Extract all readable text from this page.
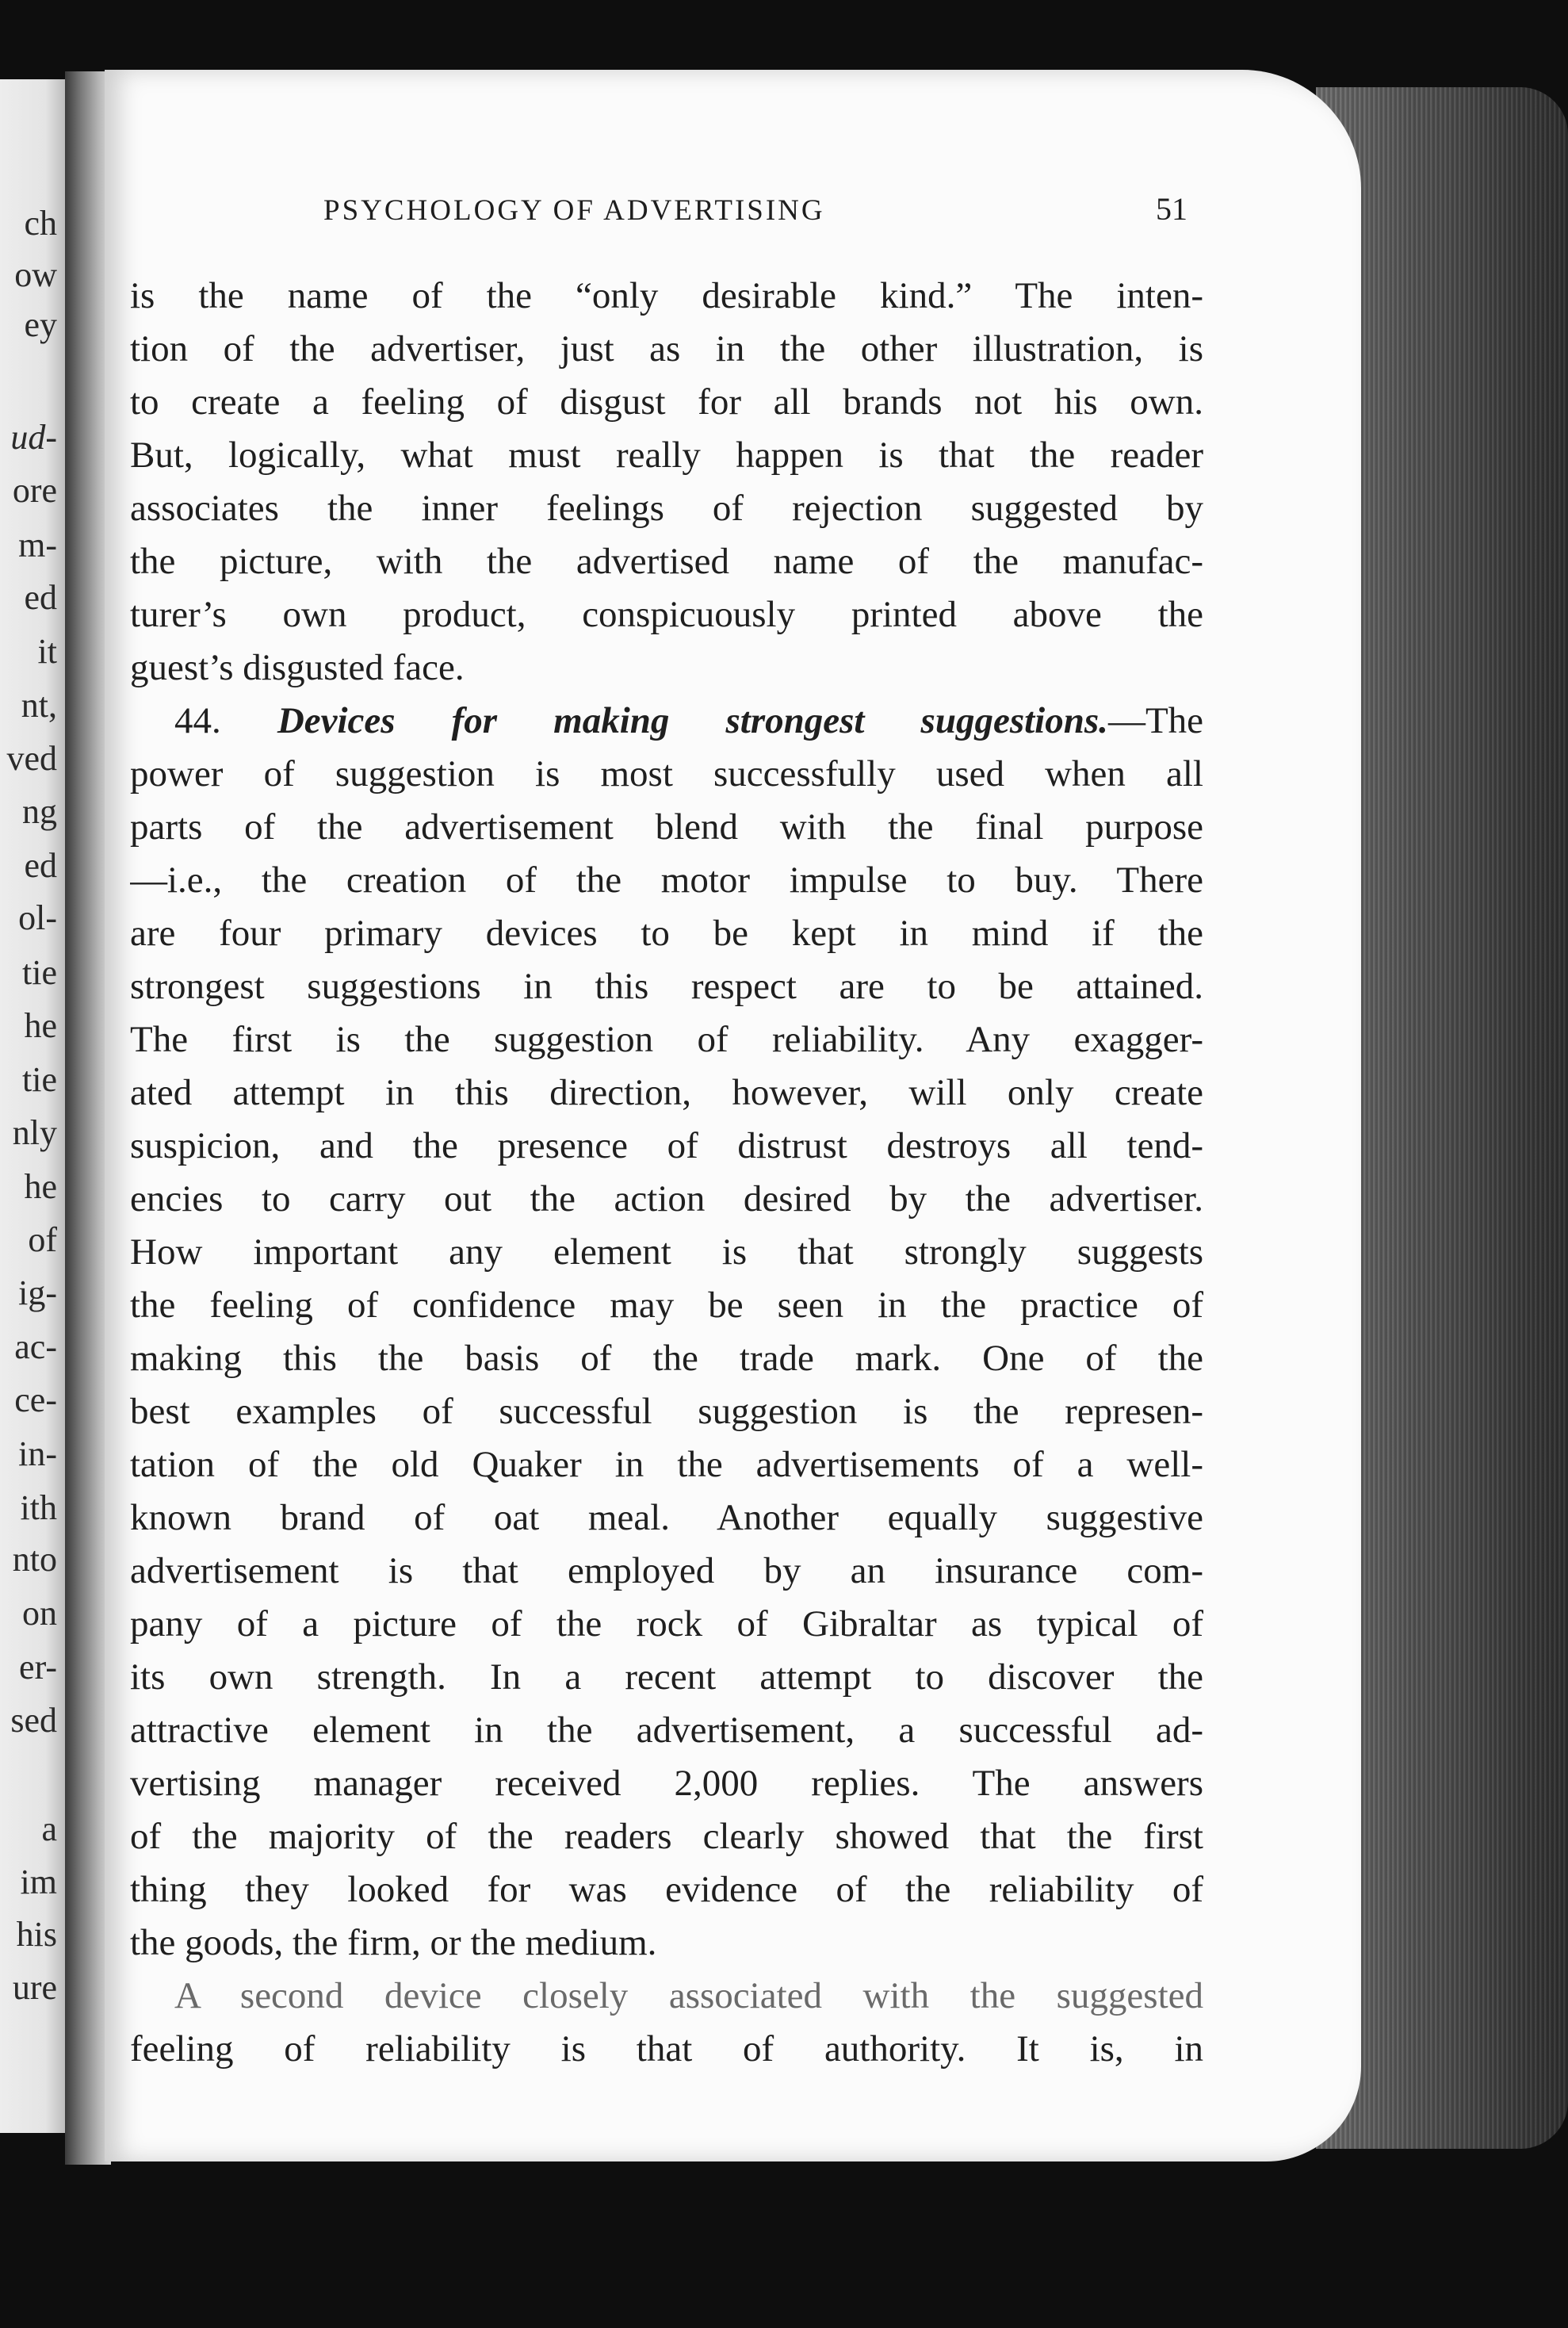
ch
ow
ey
ud-
ore
m-
ed
it
nt,
ved
ng
ed
ol-
tie
he
tie
nly
he
of
ig-
ac-
ce-
in-
ith
nto
on
er-
sed
a
im
his
ure
PSYCHOLOGY OF ADVERTISING	51
is the name of the “only desirable kind.” The inten-
tion of the advertiser, just as in the other illustration, is
to create a feeling of disgust for all brands not his own.
But, logically, what must really happen is that the reader
associates the inner feelings of rejection suggested by
the picture, with the advertised name of the manufac-
turer’s own product, conspicuously printed above the
guest’s disgusted face.
44. Devices for making strongest suggestions.—The
power of suggestion is most successfully used when all
parts of the advertisement blend with the final purpose
—i.e., the creation of the motor impulse to buy. There
are four primary devices to be kept in mind if the
strongest suggestions in this respect are to be attained.
The first is the suggestion of reliability. Any exagger-
ated attempt in this direction, however, will only create
suspicion, and the presence of distrust destroys all tend-
encies to carry out the action desired by the advertiser.
How important any element is that strongly suggests
the feeling of confidence may be seen in the practice of
making this the basis of the trade mark. One of the
best examples of successful suggestion is the represen-
tation of the old Quaker in the advertisements of a well-
known brand of oat meal. Another equally suggestive
advertisement is that employed by an insurance com-
pany of a picture of the rock of Gibraltar as typical of
its own strength. In a recent attempt to discover the
attractive element in the advertisement, a successful ad-
vertising manager received 2,000 replies. The answers
of the majority of the readers clearly showed that the first
thing they looked for was evidence of the reliability of
the goods, the firm, or the medium.
A second device closely associated with the suggested
feeling of reliability is that of authority. It is, in
